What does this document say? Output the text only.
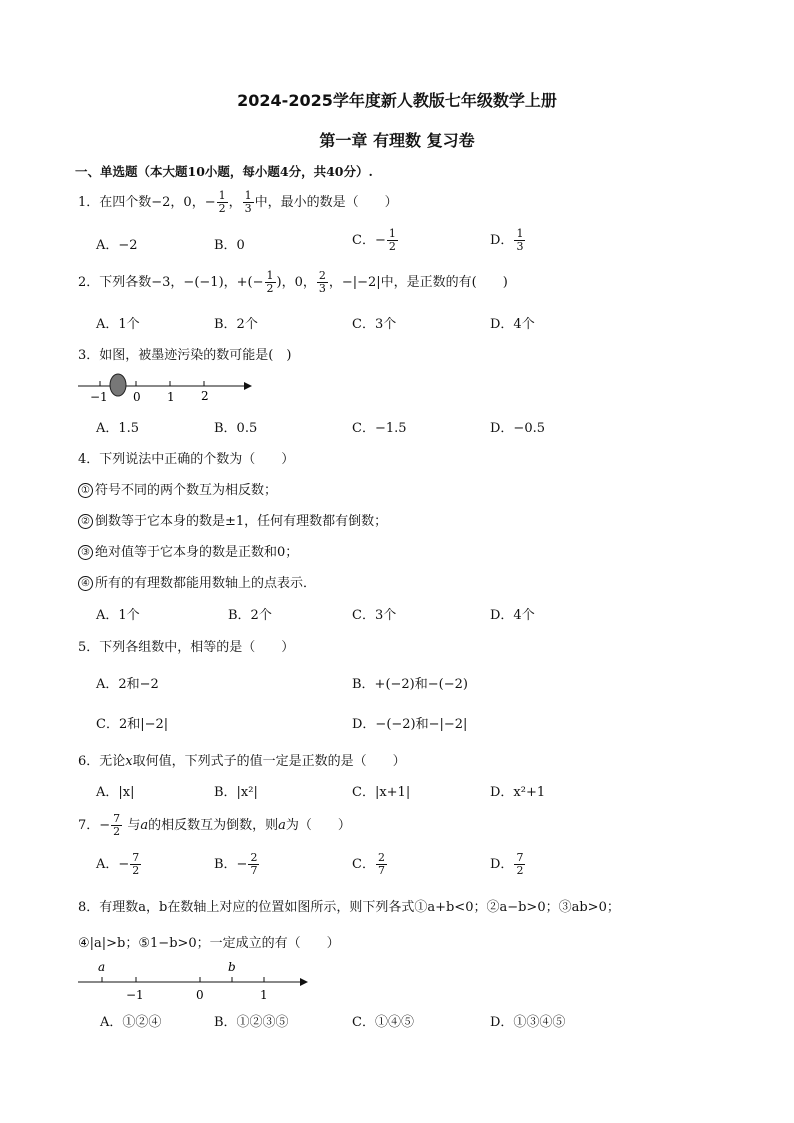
2024-2025学年度新人教版七年级数学上册
第一章 有理数 复习卷
一、单选题（本大题10小题，每小题4分，共40分）.
1．在四个数−2，0，− $\frac{1}{2}$ ， $\frac{1}{3}$ 中，最小的数是（　　）
A．−2	B．0	C．− $\frac{1}{2}$	D． $\frac{1}{3}$
2．下列各数−3，−(−1)，+(− $\frac{1}{2}$ )，0， $\frac{2}{3}$ ，−|−2|中，是正数的有(　　)
A．1个	B．2个	C．3个	D．4个
3．如图，被墨迹污染的数可能是(　)
−1 0 1 2
A．1.5	B．0.5	C．−1.5	D．−0.5
4．下列说法中正确的个数为（　　）
① 符号不同的两个数互为相反数；
② 倒数等于它本身的数是±1，任何有理数都有倒数；
③ 绝对值等于它本身的数是正数和0；
④ 所有的有理数都能用数轴上的点表示．
A．1个	B．2个	C．3个	D．4个
5．下列各组数中，相等的是（　　）
A．2和−2	B．+(−2)和−(−2)
C．2和|−2|	D．−(−2)和−|−2|
6．无论x取何值，下列式子的值一定是正数的是（　　）
A．|x|	B．|x²|	C．|x+1|	D．x²+1
7．− $\frac{7}{2}$ 与a的相反数互为倒数，则a为（　　）
A．− $\frac{7}{2}$	B．− $\frac{2}{7}$	C． $\frac{2}{7}$	D． $\frac{7}{2}$
8．有理数a，b在数轴上对应的位置如图所示，则下列各式①a+b<0；②a−b>0；③ab>0；
④|a|>b；⑤1−b>0；一定成立的有（　　）
a	b
−1	0	1
A．①②④	B．①②③⑤	C．①④⑤	D．①③④⑤
